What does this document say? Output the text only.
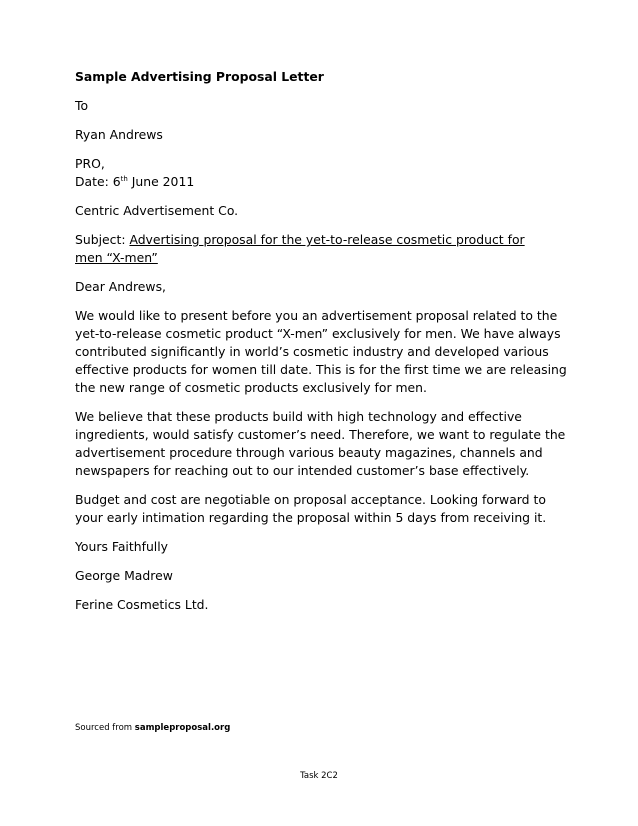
Sample Advertising Proposal Letter

To

Ryan Andrews

PRO,
Date: 6th June 2011

Centric Advertisement Co.

Subject: Advertising proposal for the yet-to-release cosmetic product for
men “X-men”

Dear Andrews,

We would like to present before you an advertisement proposal related to the yet-to-release cosmetic product “X-men” exclusively for men. We have always contributed significantly in world’s cosmetic industry and developed various effective products for women till date. This is for the first time we are releasing the new range of cosmetic products exclusively for men.

We believe that these products build with high technology and effective ingredients, would satisfy customer’s need. Therefore, we want to regulate the advertisement procedure through various beauty magazines, channels and newspapers for reaching out to our intended customer’s base effectively.

Budget and cost are negotiable on proposal acceptance. Looking forward to your early intimation regarding the proposal within 5 days from receiving it.

Yours Faithfully

George Madrew

Ferine Cosmetics Ltd.

Sourced from sampleproposal.org
Task 2C2
